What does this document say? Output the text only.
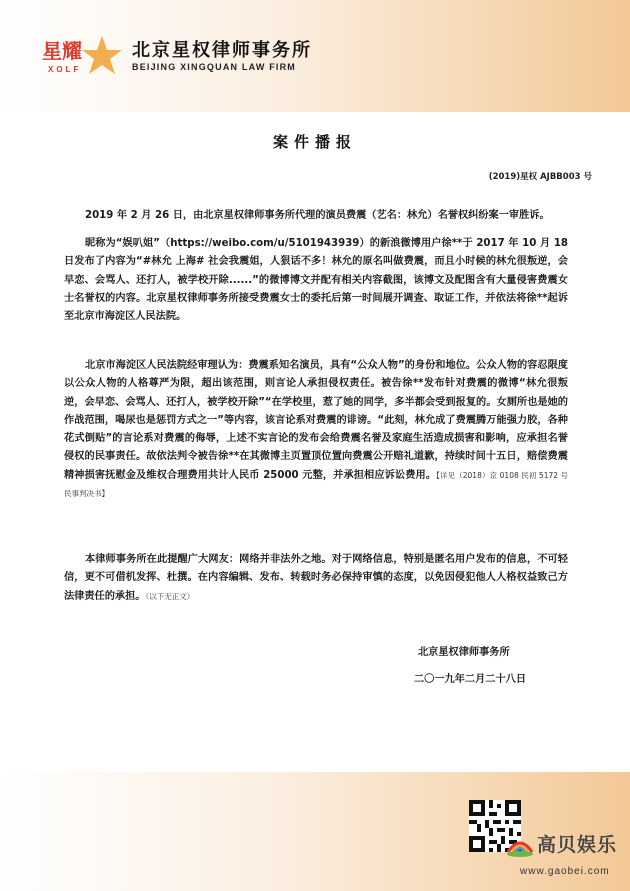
星耀
XOLF
北京星权律师事务所
BEIJING XINGQUAN LAW FIRM
案件播报
(2019)星权 AJBB003 号

2019 年 2 月 26 日，由北京星权律师事务所代理的演员费震（艺名：林允）名誉权纠纷案一审胜诉。

昵称为“娱叭姐”（https://weibo.com/u/5101943939）的新浪微博用户徐**于 2017 年 10 月 18 日发布了内容为“#林允 上海# 社会我震姐，人狠话不多！林允的原名叫做费震，而且小时候的林允很叛逆，会早恋、会骂人、还打人，被学校开除......”的微博博文并配有相关内容截图，该博文及配图含有大量侵害费震女士名誉权的内容。北京星权律师事务所接受费震女士的委托后第一时间展开调查、取证工作，并依法将徐**起诉至北京市海淀区人民法院。

北京市海淀区人民法院经审理认为：费震系知名演员，具有“公众人物”的身份和地位。公众人物的容忍限度以公众人物的人格尊严为限，超出该范围，则言论人承担侵权责任。被告徐**发布针对费震的微博“林允很叛逆，会早恋、会骂人、还打人，被学校开除”“在学校里，惹了她的同学，多半都会受到报复的。女厕所也是她的作战范围，喝尿也是惩罚方式之一”等内容，该言论系对费震的诽谤。“此刻，林允成了费震腾万能强力胶，各种花式倒贴”的言论系对费震的侮辱，上述不实言论的发布会给费震名誉及家庭生活造成损害和影响，应承担名誉侵权的民事责任。故依法判令被告徐**在其微博主页置顶位置向费震公开赔礼道歉，持续时间十五日，赔偿费震精神损害抚慰金及维权合理费用共计人民币 25000 元整，并承担相应诉讼费用。【详见（2018）京 0108 民初 5172 号民事判决书】

本律师事务所在此提醒广大网友：网络并非法外之地。对于网络信息，特别是匿名用户发布的信息，不可轻信，更不可借机发挥、杜撰。在内容编辑、发布、转载时务必保持审慎的态度，以免因侵犯他人人格权益致己方法律责任的承担。（以下无正文）

北京星权律师事务所
二〇一九年二月二十八日
高贝娱乐
www.gaobei.com
